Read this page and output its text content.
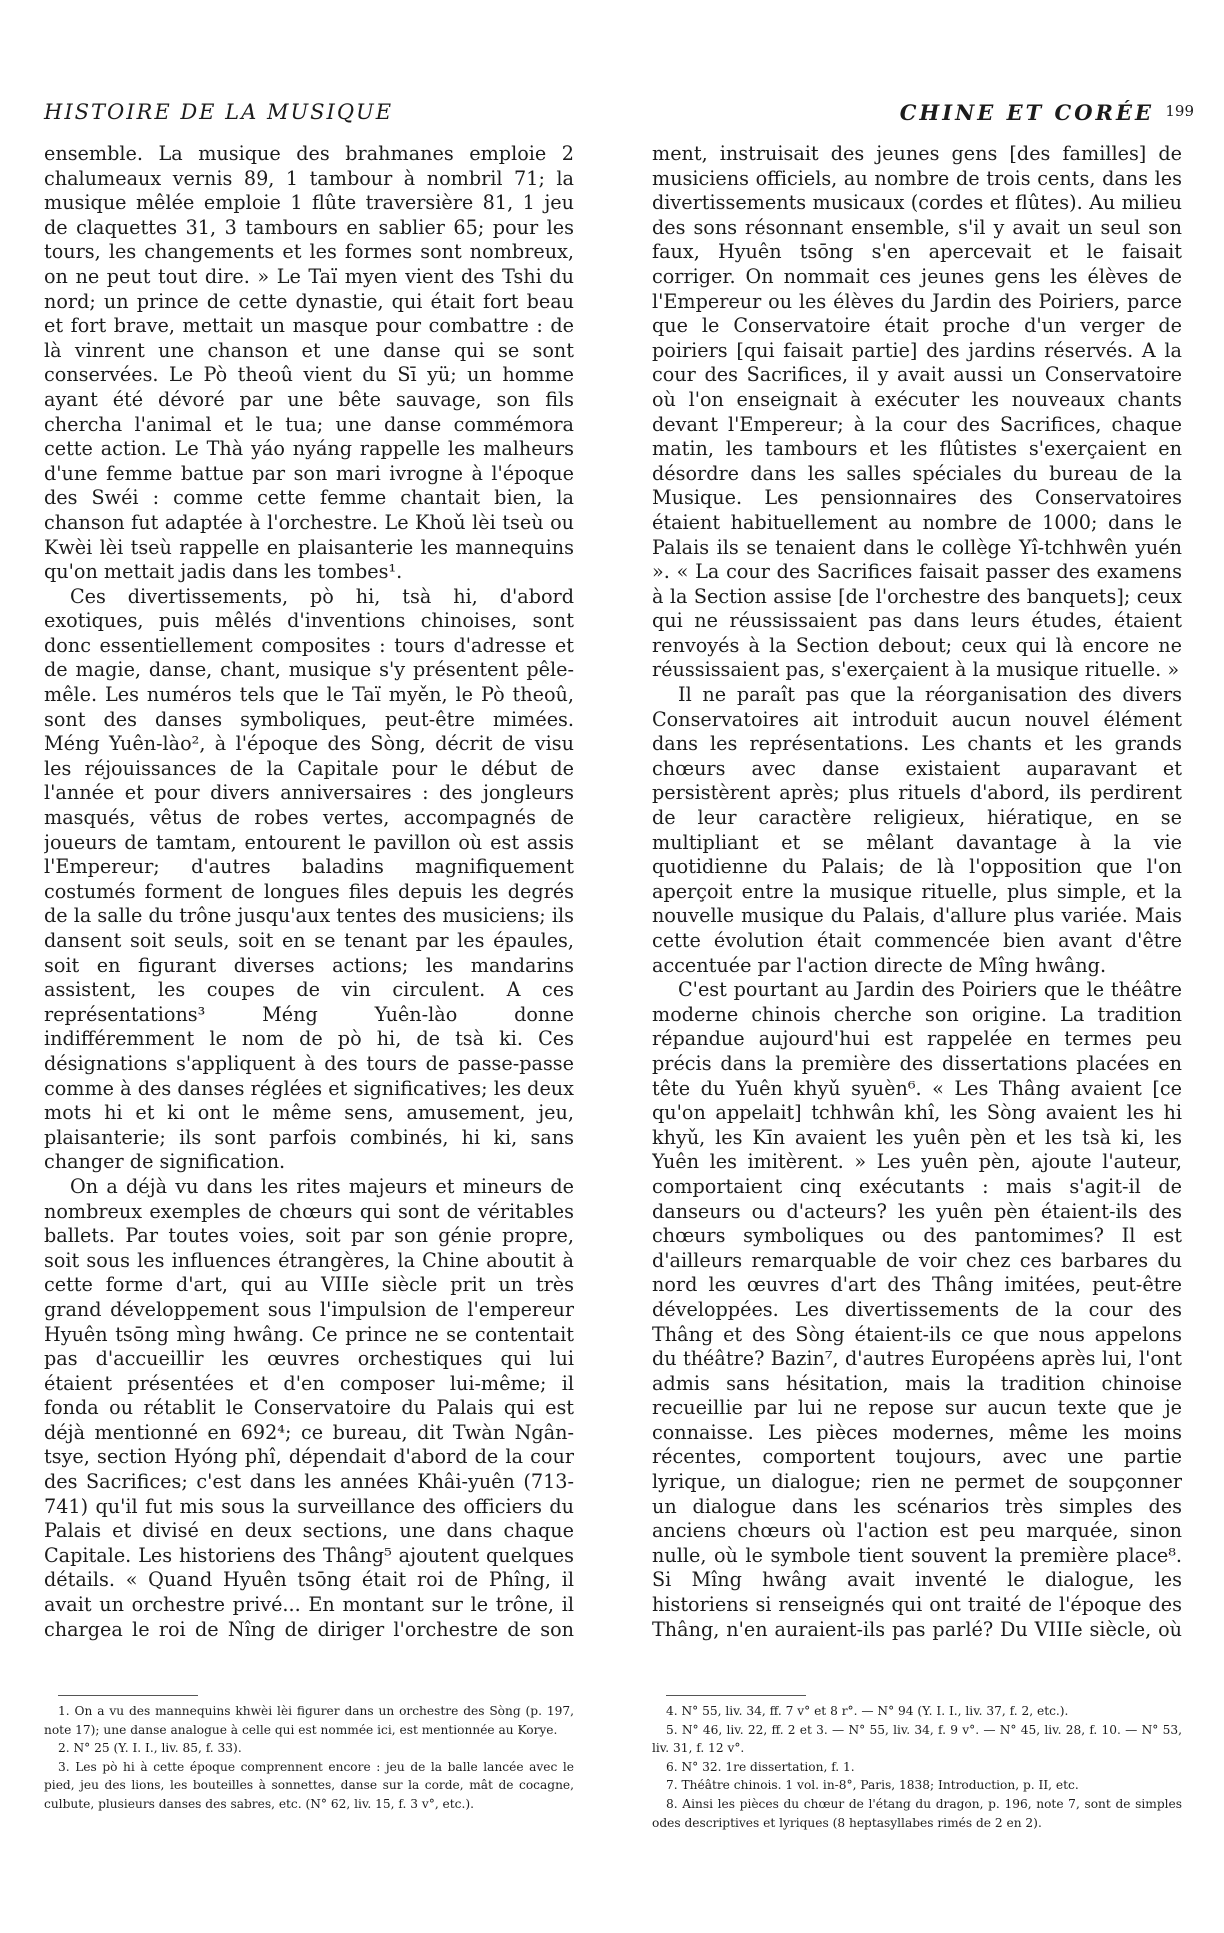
HISTOIRE DE LA MUSIQUE	CHINE ET CORÉE 199

ensemble. La musique des brahmanes emploie 2 chalumeaux vernis 89, 1 tambour à nombril 71; la musique mêlée emploie 1 flûte traversière 81, 1 jeu de claquettes 31, 3 tambours en sablier 65; pour les tours, les changements et les formes sont nombreux, on ne peut tout dire. » Le Taï myen vient des Tshi du nord; un prince de cette dynastie, qui était fort beau et fort brave, mettait un masque pour combattre : de là vinrent une chanson et une danse qui se sont conservées. Le Pò theoû vient du Sī yü; un homme ayant été dévoré par une bête sauvage, son fils chercha l'animal et le tua; une danse commémora cette action. Le Thà yáo nyáng rappelle les malheurs d'une femme battue par son mari ivrogne à l'époque des Swéi : comme cette femme chantait bien, la chanson fut adaptée à l'orchestre. Le Khoǔ lèi tseù ou Kwèi lèi tseù rappelle en plaisanterie les mannequins qu'on mettait jadis dans les tombes¹.

Ces divertissements, pò hi, tsà hi, d'abord exotiques, puis mêlés d'inventions chinoises, sont donc essentiellement composites : tours d'adresse et de magie, danse, chant, musique s'y présentent pêle-mêle. Les numéros tels que le Taï myěn, le Pò theoû, sont des danses symboliques, peut-être mimées. Méng Yuên-lào², à l'époque des Sòng, décrit de visu les réjouissances de la Capitale pour le début de l'année et pour divers anniversaires : des jongleurs masqués, vêtus de robes vertes, accompagnés de joueurs de tamtam, entourent le pavillon où est assis l'Empereur; d'autres baladins magnifiquement costumés forment de longues files depuis les degrés de la salle du trône jusqu'aux tentes des musiciens; ils dansent soit seuls, soit en se tenant par les épaules, soit en figurant diverses actions; les mandarins assistent, les coupes de vin circulent. A ces représentations³ Méng Yuên-lào donne indifféremment le nom de pò hi, de tsà ki. Ces désignations s'appliquent à des tours de passe-passe comme à des danses réglées et significatives; les deux mots hi et ki ont le même sens, amusement, jeu, plaisanterie; ils sont parfois combinés, hi ki, sans changer de signification.

On a déjà vu dans les rites majeurs et mineurs de nombreux exemples de chœurs qui sont de véritables ballets. Par toutes voies, soit par son génie propre, soit sous les influences étrangères, la Chine aboutit à cette forme d'art, qui au VIIIe siècle prit un très grand développement sous l'impulsion de l'empereur Hyuên tsōng mìng hwâng. Ce prince ne se contentait pas d'accueillir les œuvres orchestiques qui lui étaient présentées et d'en composer lui-même; il fonda ou rétablit le Conservatoire du Palais qui est déjà mentionné en 692⁴; ce bureau, dit Twàn Ngân-tsye, section Hyóng phî, dépendait d'abord de la cour des Sacrifices; c'est dans les années Khâi-yuên (713-741) qu'il fut mis sous la surveillance des officiers du Palais et divisé en deux sections, une dans chaque Capitale. Les historiens des Thâng⁵ ajoutent quelques détails. « Quand Hyuên tsōng était roi de Phîng, il avait un orchestre privé... En montant sur le trône, il chargea le roi de Nîng de diriger l'orchestre de son

ment, instruisait des jeunes gens [des familles] de musiciens officiels, au nombre de trois cents, dans les divertissements musicaux (cordes et flûtes). Au milieu des sons résonnant ensemble, s'il y avait un seul son faux, Hyuên tsōng s'en apercevait et le faisait corriger. On nommait ces jeunes gens les élèves de l'Empereur ou les élèves du Jardin des Poiriers, parce que le Conservatoire était proche d'un verger de poiriers [qui faisait partie] des jardins réservés. A la cour des Sacrifices, il y avait aussi un Conservatoire où l'on enseignait à exécuter les nouveaux chants devant l'Empereur; à la cour des Sacrifices, chaque matin, les tambours et les flûtistes s'exerçaient en désordre dans les salles spéciales du bureau de la Musique. Les pensionnaires des Conservatoires étaient habituellement au nombre de 1000; dans le Palais ils se tenaient dans le collège Yî-tchhwên yuén ». « La cour des Sacrifices faisait passer des examens à la Section assise [de l'orchestre des banquets]; ceux qui ne réussissaient pas dans leurs études, étaient renvoyés à la Section debout; ceux qui là encore ne réussissaient pas, s'exerçaient à la musique rituelle. »

Il ne paraît pas que la réorganisation des divers Conservatoires ait introduit aucun nouvel élément dans les représentations. Les chants et les grands chœurs avec danse existaient auparavant et persistèrent après; plus rituels d'abord, ils perdirent de leur caractère religieux, hiératique, en se multipliant et se mêlant davantage à la vie quotidienne du Palais; de là l'opposition que l'on aperçoit entre la musique rituelle, plus simple, et la nouvelle musique du Palais, d'allure plus variée. Mais cette évolution était commencée bien avant d'être accentuée par l'action directe de Mîng hwâng.

C'est pourtant au Jardin des Poiriers que le théâtre moderne chinois cherche son origine. La tradition répandue aujourd'hui est rappelée en termes peu précis dans la première des dissertations placées en tête du Yuên khyǔ syuèn⁶. « Les Thâng avaient [ce qu'on appelait] tchhwân khî, les Sòng avaient les hi khyǔ, les Kīn avaient les yuên pèn et les tsà ki, les Yuên les imitèrent. » Les yuên pèn, ajoute l'auteur, comportaient cinq exécutants : mais s'agit-il de danseurs ou d'acteurs? les yuên pèn étaient-ils des chœurs symboliques ou des pantomimes? Il est d'ailleurs remarquable de voir chez ces barbares du nord les œuvres d'art des Thâng imitées, peut-être développées. Les divertissements de la cour des Thâng et des Sòng étaient-ils ce que nous appelons du théâtre? Bazin⁷, d'autres Européens après lui, l'ont admis sans hésitation, mais la tradition chinoise recueillie par lui ne repose sur aucun texte que je connaisse. Les pièces modernes, même les moins récentes, comportent toujours, avec une partie lyrique, un dialogue; rien ne permet de soupçonner un dialogue dans les scénarios très simples des anciens chœurs où l'action est peu marquée, sinon nulle, où le symbole tient souvent la première place⁸. Si Mîng hwâng avait inventé le dialogue, les historiens si renseignés qui ont traité de l'époque des Thâng, n'en auraient-ils pas parlé? Du VIIIe siècle, où

1. On a vu des mannequins khwèi lèi figurer dans un orchestre des Sòng (p. 197, note 17); une danse analogue à celle qui est nommée ici, est mentionnée au Korye.

2. N° 25 (Y. I. I., liv. 85, f. 33).

3. Les pò hi à cette époque comprennent encore : jeu de la balle lancée avec le pied, jeu des lions, les bouteilles à sonnettes, danse sur la corde, mât de cocagne, culbute, plusieurs danses des sabres, etc. (N° 62, liv. 15, f. 3 v°, etc.).

4. N° 55, liv. 34, ff. 7 v° et 8 r°. — N° 94 (Y. I. I., liv. 37, f. 2, etc.).

5. N° 46, liv. 22, ff. 2 et 3. — N° 55, liv. 34, f. 9 v°. — N° 45, liv. 28, f. 10. — N° 53, liv. 31, f. 12 v°.

6. N° 32. 1re dissertation, f. 1.

7. Théâtre chinois. 1 vol. in-8°, Paris, 1838; Introduction, p. II, etc.

8. Ainsi les pièces du chœur de l'étang du dragon, p. 196, note 7, sont de simples odes descriptives et lyriques (8 heptasyllabes rimés de 2 en 2).
